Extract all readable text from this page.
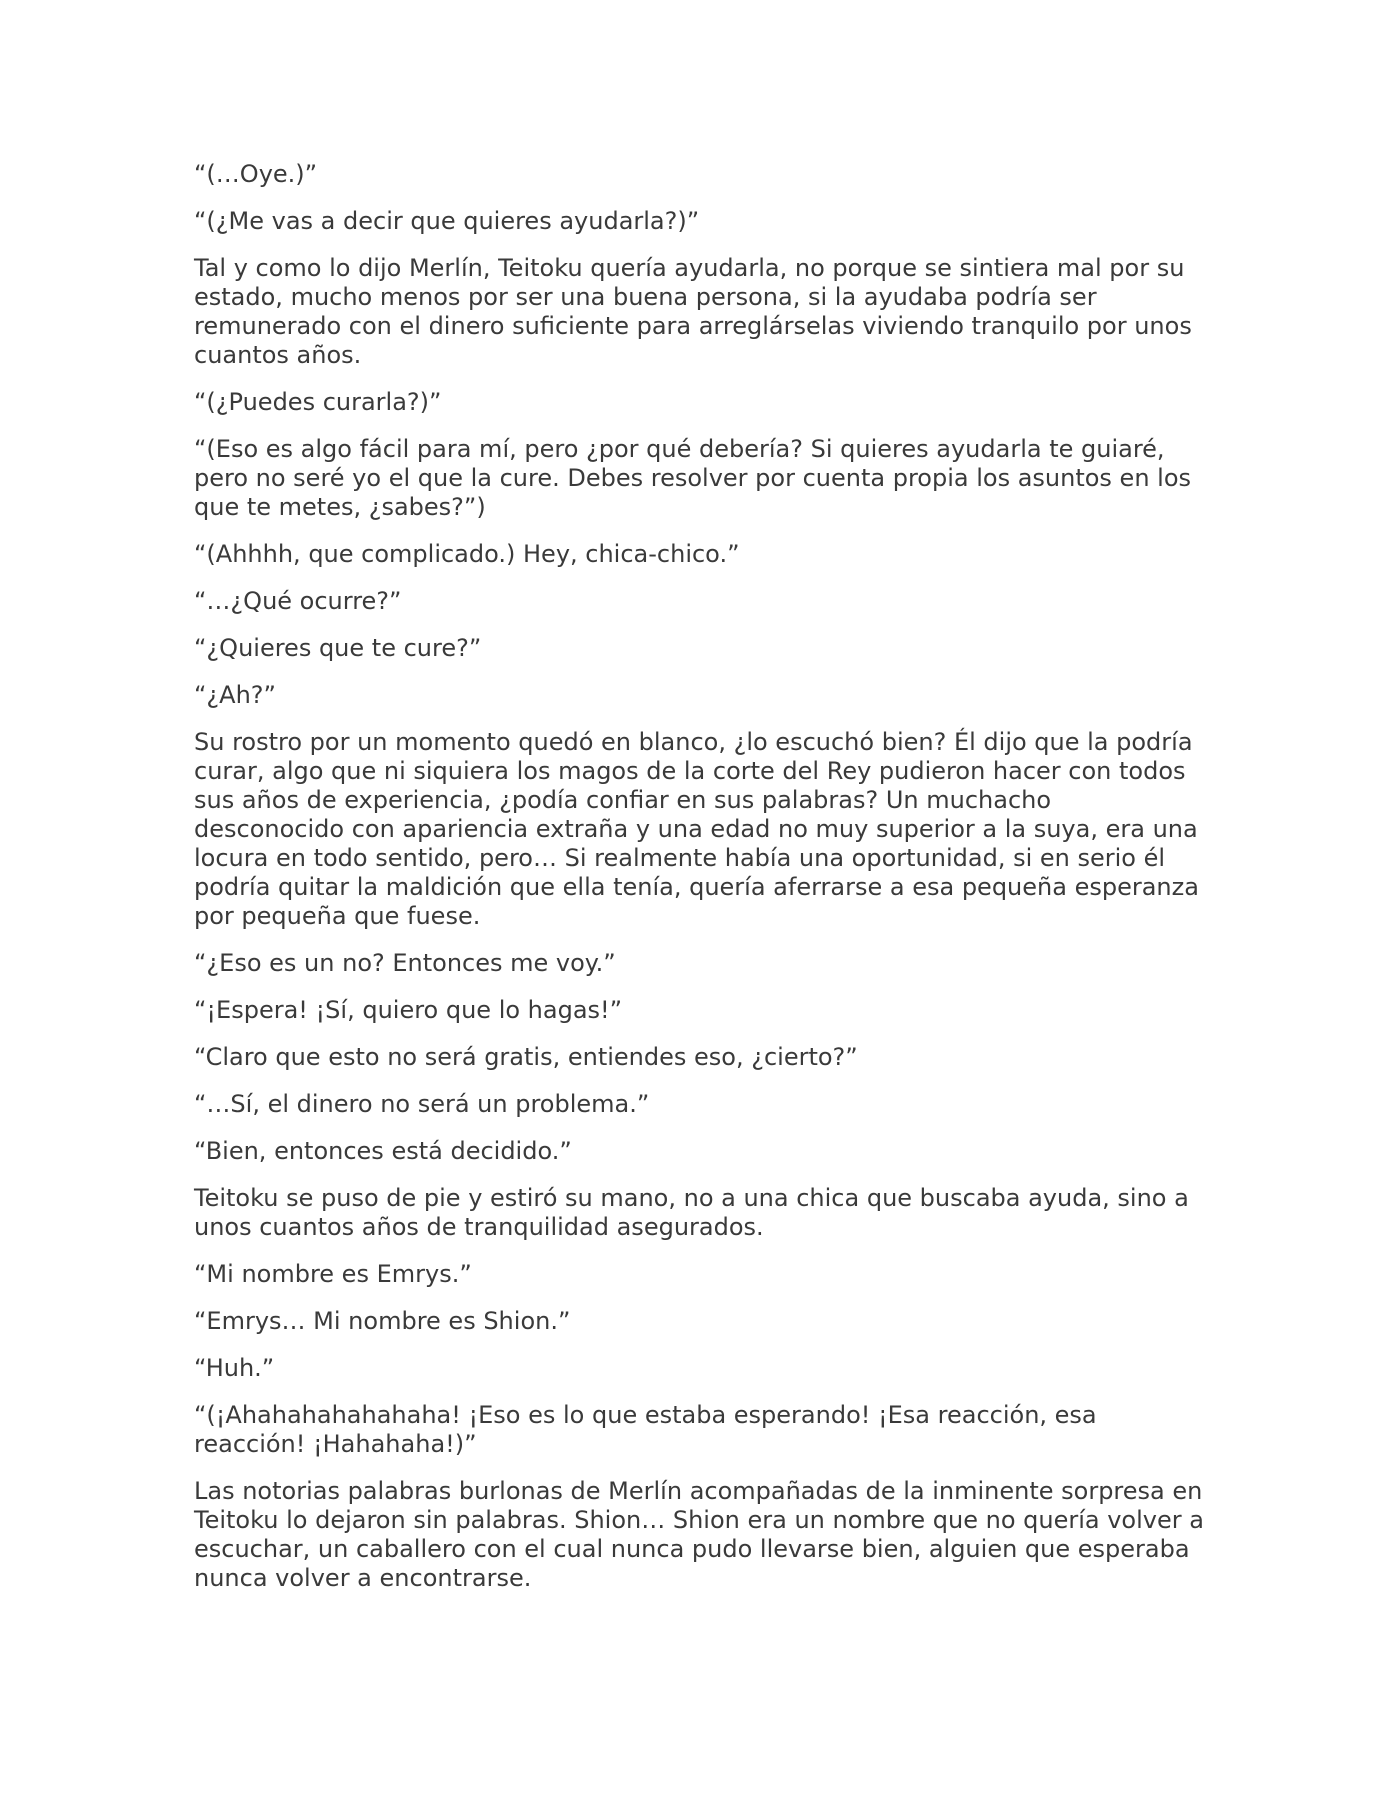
“(…Oye.)”

“(¿Me vas a decir que quieres ayudarla?)”

Tal y como lo dijo Merlín, Teitoku quería ayudarla, no porque se sintiera mal por su estado, mucho menos por ser una buena persona, si la ayudaba podría ser remunerado con el dinero suficiente para arreglárselas viviendo tranquilo por unos cuantos años.

“(¿Puedes curarla?)”

“(Eso es algo fácil para mí, pero ¿por qué debería? Si quieres ayudarla te guiaré, pero no seré yo el que la cure. Debes resolver por cuenta propia los asuntos en los que te metes, ¿sabes?”)

“(Ahhhh, que complicado.) Hey, chica-chico.”

“…¿Qué ocurre?”

“¿Quieres que te cure?”

“¿Ah?”

Su rostro por un momento quedó en blanco, ¿lo escuchó bien? Él dijo que la podría curar, algo que ni siquiera los magos de la corte del Rey pudieron hacer con todos sus años de experiencia, ¿podía confiar en sus palabras? Un muchacho desconocido con apariencia extraña y una edad no muy superior a la suya, era una locura en todo sentido, pero… Si realmente había una oportunidad, si en serio él podría quitar la maldición que ella tenía, quería aferrarse a esa pequeña esperanza por pequeña que fuese.

“¿Eso es un no? Entonces me voy.”

“¡Espera! ¡Sí, quiero que lo hagas!”

“Claro que esto no será gratis, entiendes eso, ¿cierto?”

“…Sí, el dinero no será un problema.”

“Bien, entonces está decidido.”

Teitoku se puso de pie y estiró su mano, no a una chica que buscaba ayuda, sino a unos cuantos años de tranquilidad asegurados.

“Mi nombre es Emrys.”

“Emrys… Mi nombre es Shion.”

“Huh.”

“(¡Ahahahahahahaha! ¡Eso es lo que estaba esperando! ¡Esa reacción, esa reacción! ¡Hahahaha!)”

Las notorias palabras burlonas de Merlín acompañadas de la inminente sorpresa en Teitoku lo dejaron sin palabras. Shion… Shion era un nombre que no quería volver a escuchar, un caballero con el cual nunca pudo llevarse bien, alguien que esperaba nunca volver a encontrarse.
